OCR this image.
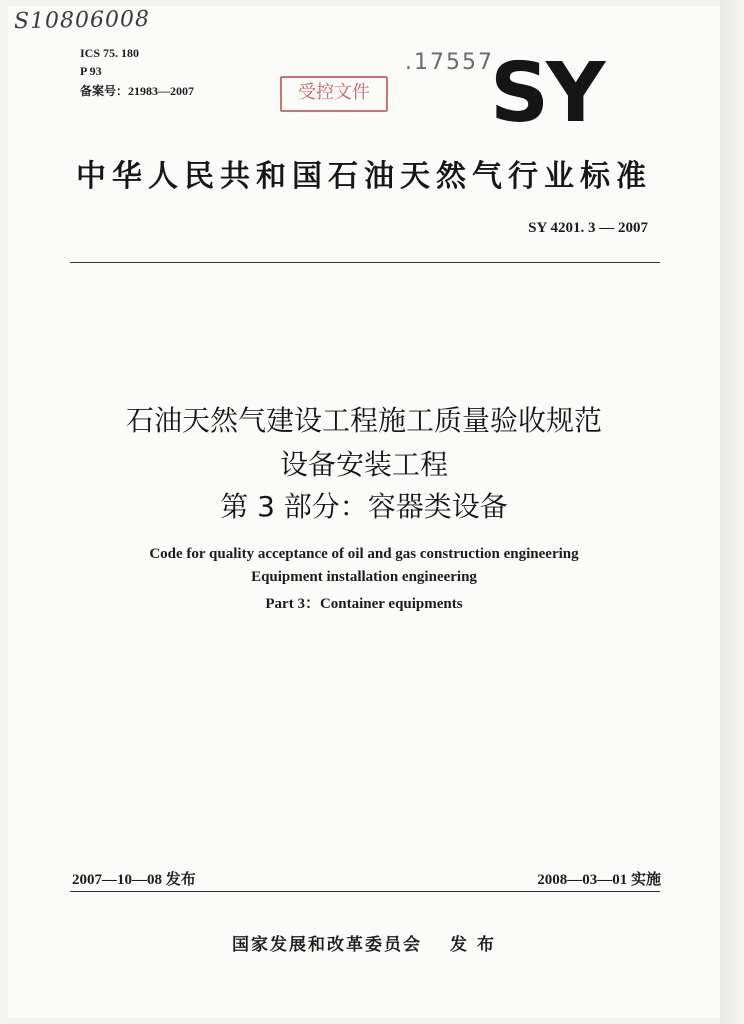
S10806008
ICS 75. 180
P 93
备案号：21983—2007	受控文件
.17557
SY
中华人民共和国石油天然气行业标准
SY 4201. 3 — 2007
石油天然气建设工程施工质量验收规范
设备安装工程
第 3 部分：容器类设备
Code for quality acceptance of oil and gas construction engineering
Equipment installation engineering
Part 3：Container equipments
2007—10—08 发布	2008—03—01 实施
国家发展和改革委员会 发 布
